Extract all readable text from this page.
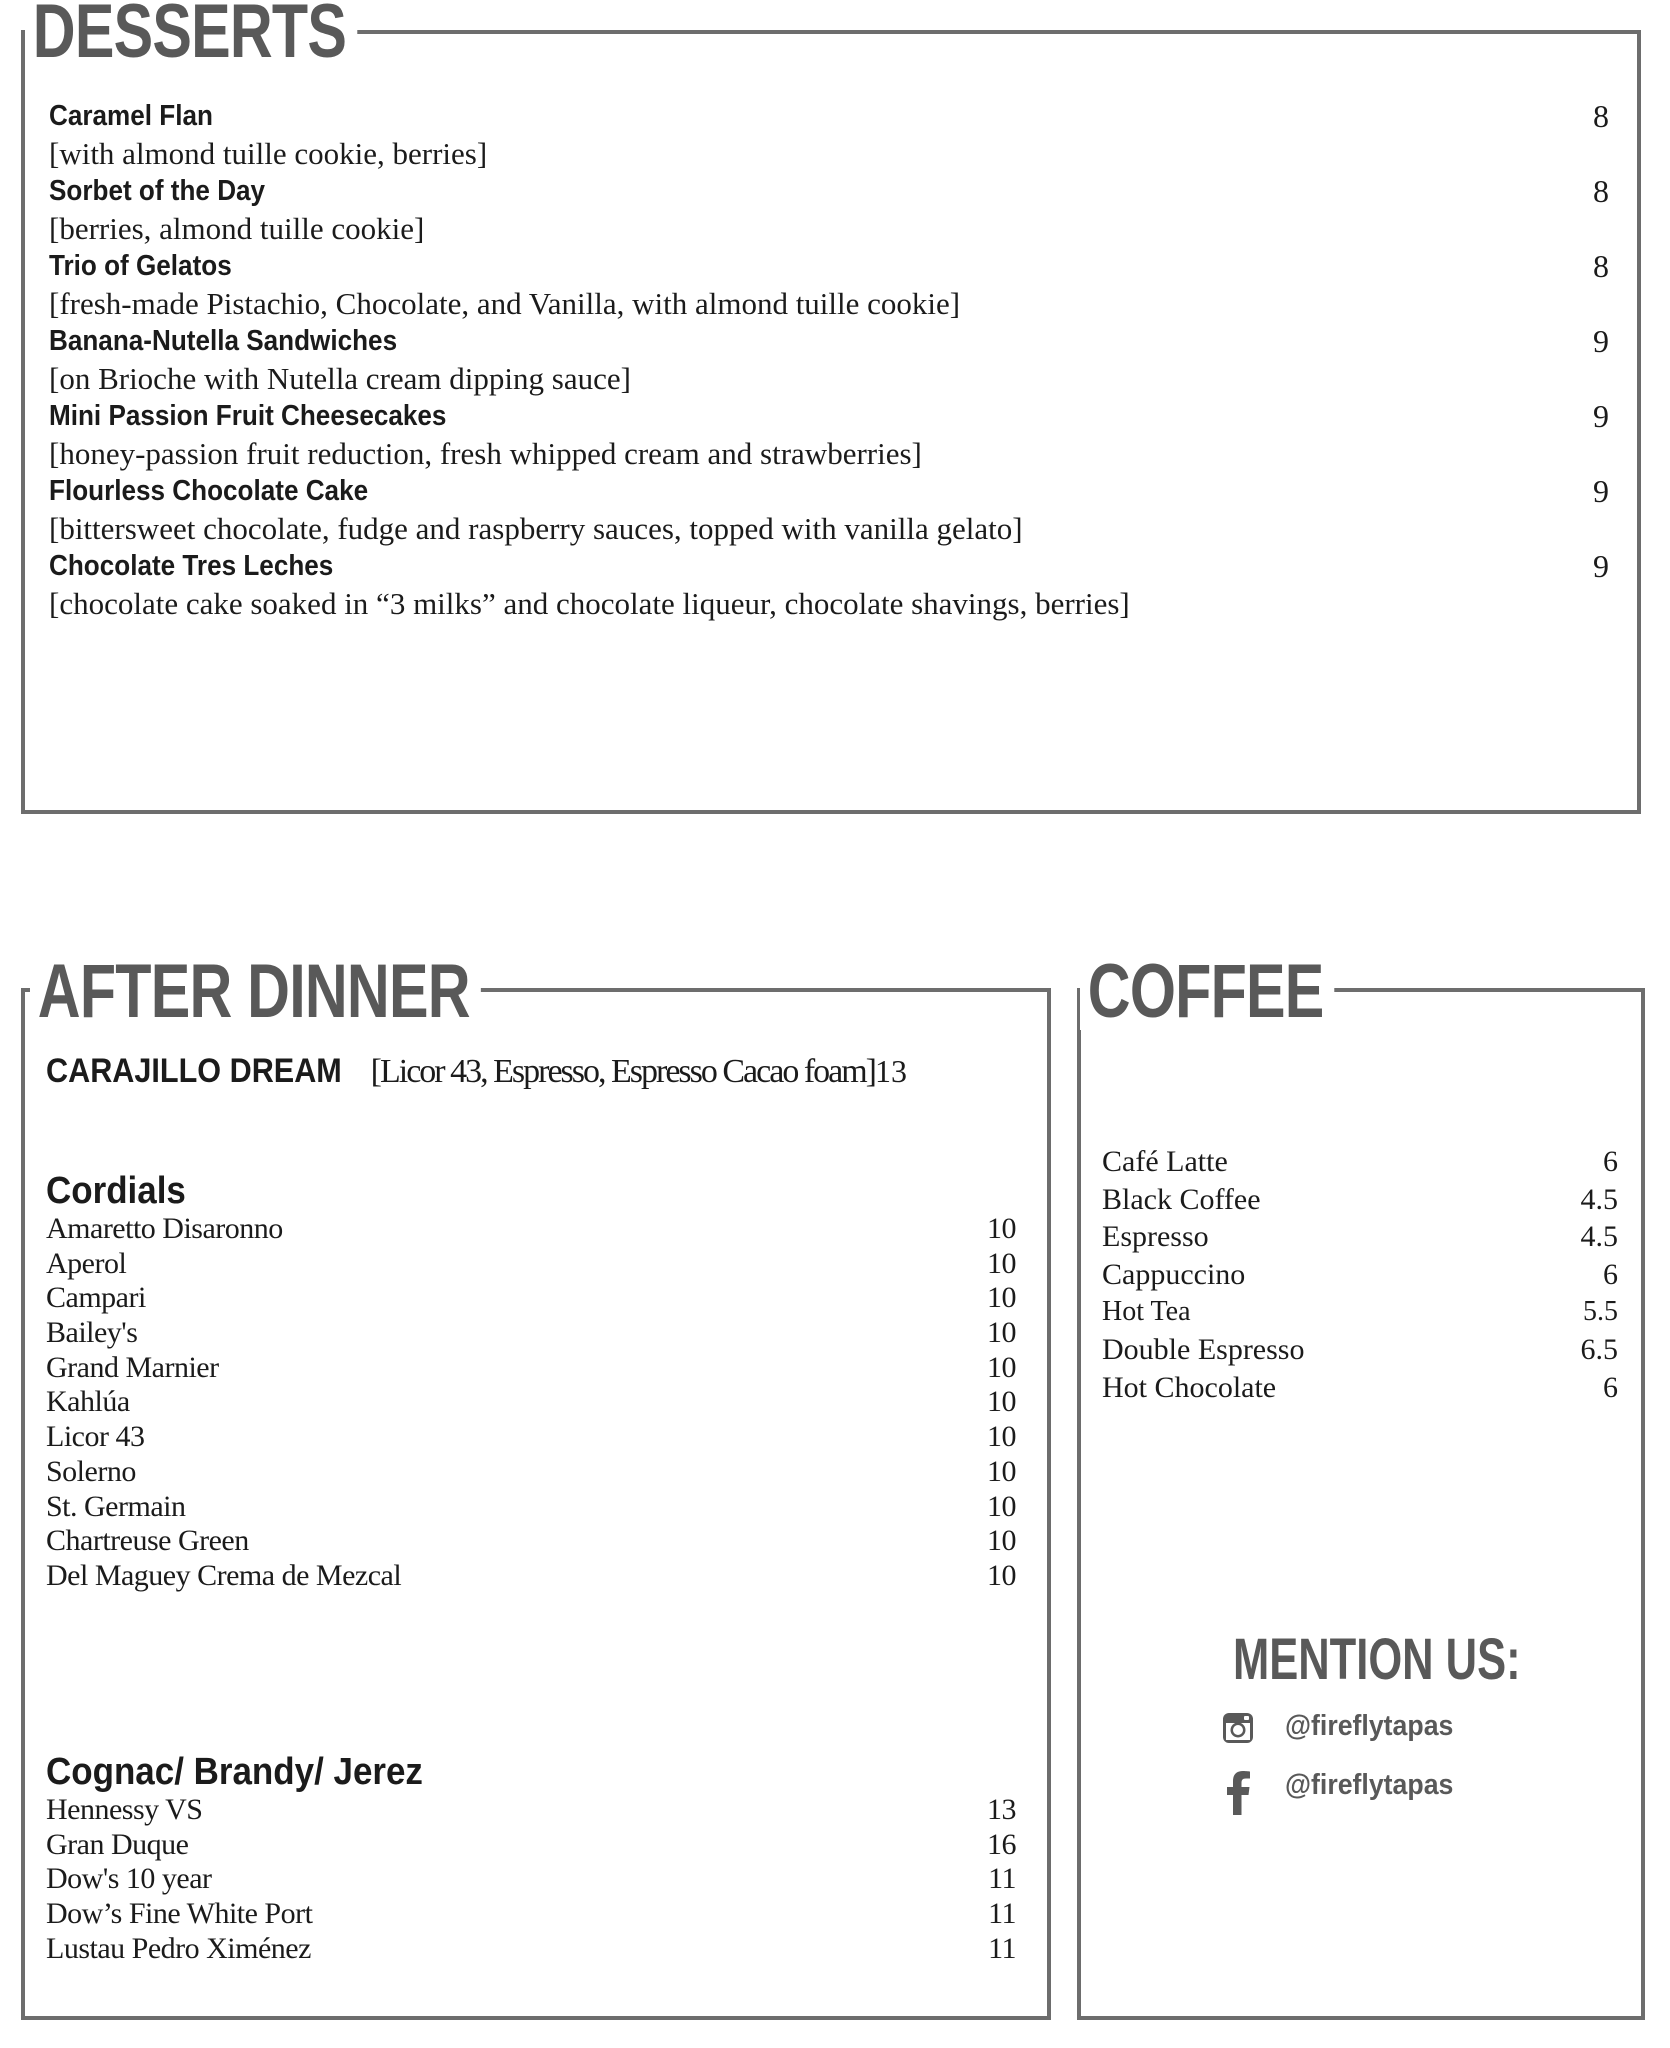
DESSERTS
Caramel Flan	8
[with almond tuille cookie, berries]
Sorbet of the Day	8
[berries, almond tuille cookie]
Trio of Gelatos	8
[fresh-made Pistachio, Chocolate, and Vanilla, with almond tuille cookie]
Banana-Nutella Sandwiches	9
[on Brioche with Nutella cream dipping sauce]
Mini Passion Fruit Cheesecakes	9
[honey-passion fruit reduction, fresh whipped cream and strawberries]
Flourless Chocolate Cake	9
[bittersweet chocolate, fudge and raspberry sauces, topped with vanilla gelato]
Chocolate Tres Leches	9
[chocolate cake soaked in “3 milks” and chocolate liqueur, chocolate shavings, berries]
AFTER DINNER
CARAJILLO DREAM [Licor 43, Espresso, Espresso Cacao foam]13
Cordials
Amaretto Disaronno	10
Aperol	10
Campari	10
Bailey's	10
Grand Marnier	10
Kahlúa	10
Licor 43	10
Solerno	10
St. Germain	10
Chartreuse Green	10
Del Maguey Crema de Mezcal	10
Cognac/ Brandy/ Jerez
Hennessy VS	13
Gran Duque	16
Dow's 10 year	11
Dow’s Fine White Port	11
Lustau Pedro Ximénez	11
COFFEE
Café Latte	6
Black Coffee	4.5
Espresso	4.5
Cappuccino	6
Hot Tea	5.5
Double Espresso	6.5
Hot Chocolate	6
MENTION US:
@fireflytapas
@fireflytapas
